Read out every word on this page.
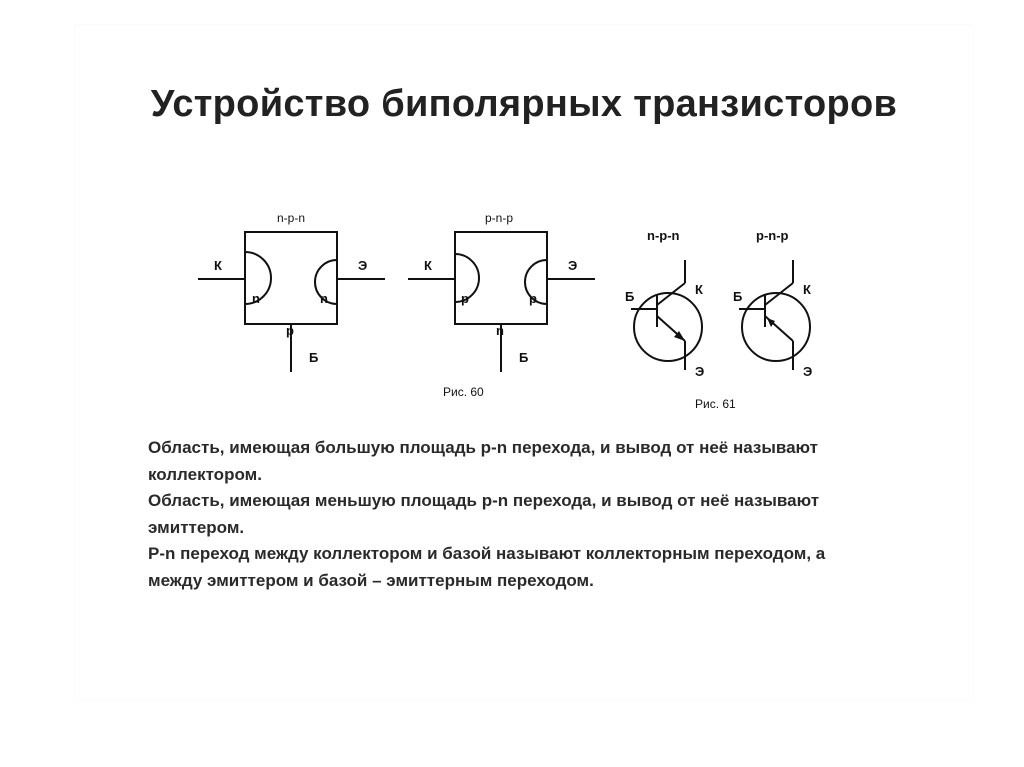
Устройство биполярных транзисторов
n-p-n
К	Э
Б
n	n
p
p-n-p
К	Э
Б
p	p
n
Рис. 60
n-p-n
Б	К
Э
p-n-p
Б	К
Э
Рис. 61

Область, имеющая большую площадь p-n перехода, и вывод от неё называют коллектором.

Область, имеющая меньшую площадь p-n перехода, и вывод от неё называют эмиттером.

P-n переход между коллектором и базой называют коллекторным переходом, а между эмиттером и базой – эмиттерным переходом.
